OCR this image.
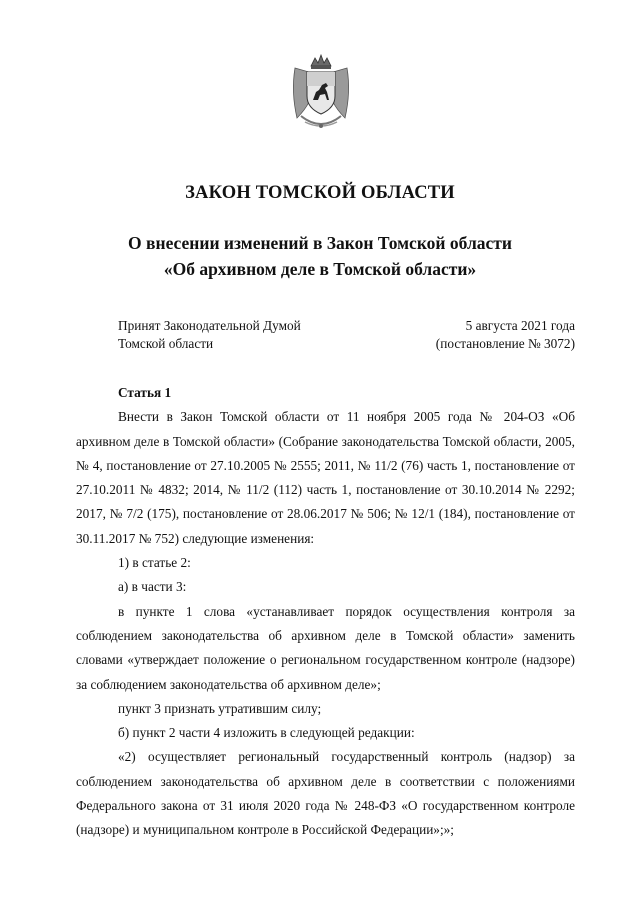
ЗАКОН ТОМСКОЙ ОБЛАСТИ
О внесении изменений в Закон Томской области
«Об архивном деле в Томской области»
Принят Законодательной Думой
Томской области
5 августа 2021 года
(постановление № 3072)

Статья 1

Внести в Закон Томской области от 11 ноября 2005 года № 204-ОЗ «Об архивном деле в Томской области» (Собрание законодательства Томской области, 2005, № 4, постановление от 27.10.2005 № 2555; 2011, № 11/2 (76) часть 1, постановление от 27.10.2011 № 4832; 2014, № 11/2 (112) часть 1, постановление от 30.10.2014 № 2292; 2017, № 7/2 (175), постановление от 28.06.2017 № 506; № 12/1 (184), постановление от 30.11.2017 № 752) следующие изменения:

1) в статье 2:

а) в части 3:

в пункте 1 слова «устанавливает порядок осуществления контроля за соблюдением законодательства об архивном деле в Томской области» заменить словами «утверждает положение о региональном государственном контроле (надзоре) за соблюдением законодательства об архивном деле»;

пункт 3 признать утратившим силу;

б) пункт 2 части 4 изложить в следующей редакции:

«2) осуществляет региональный государственный контроль (надзор) за соблюдением законодательства об архивном деле в соответствии с положениями Федерального закона от 31 июля 2020 года № 248-ФЗ «О государственном контроле (надзоре) и муниципальном контроле в Российской Федерации»;»;
